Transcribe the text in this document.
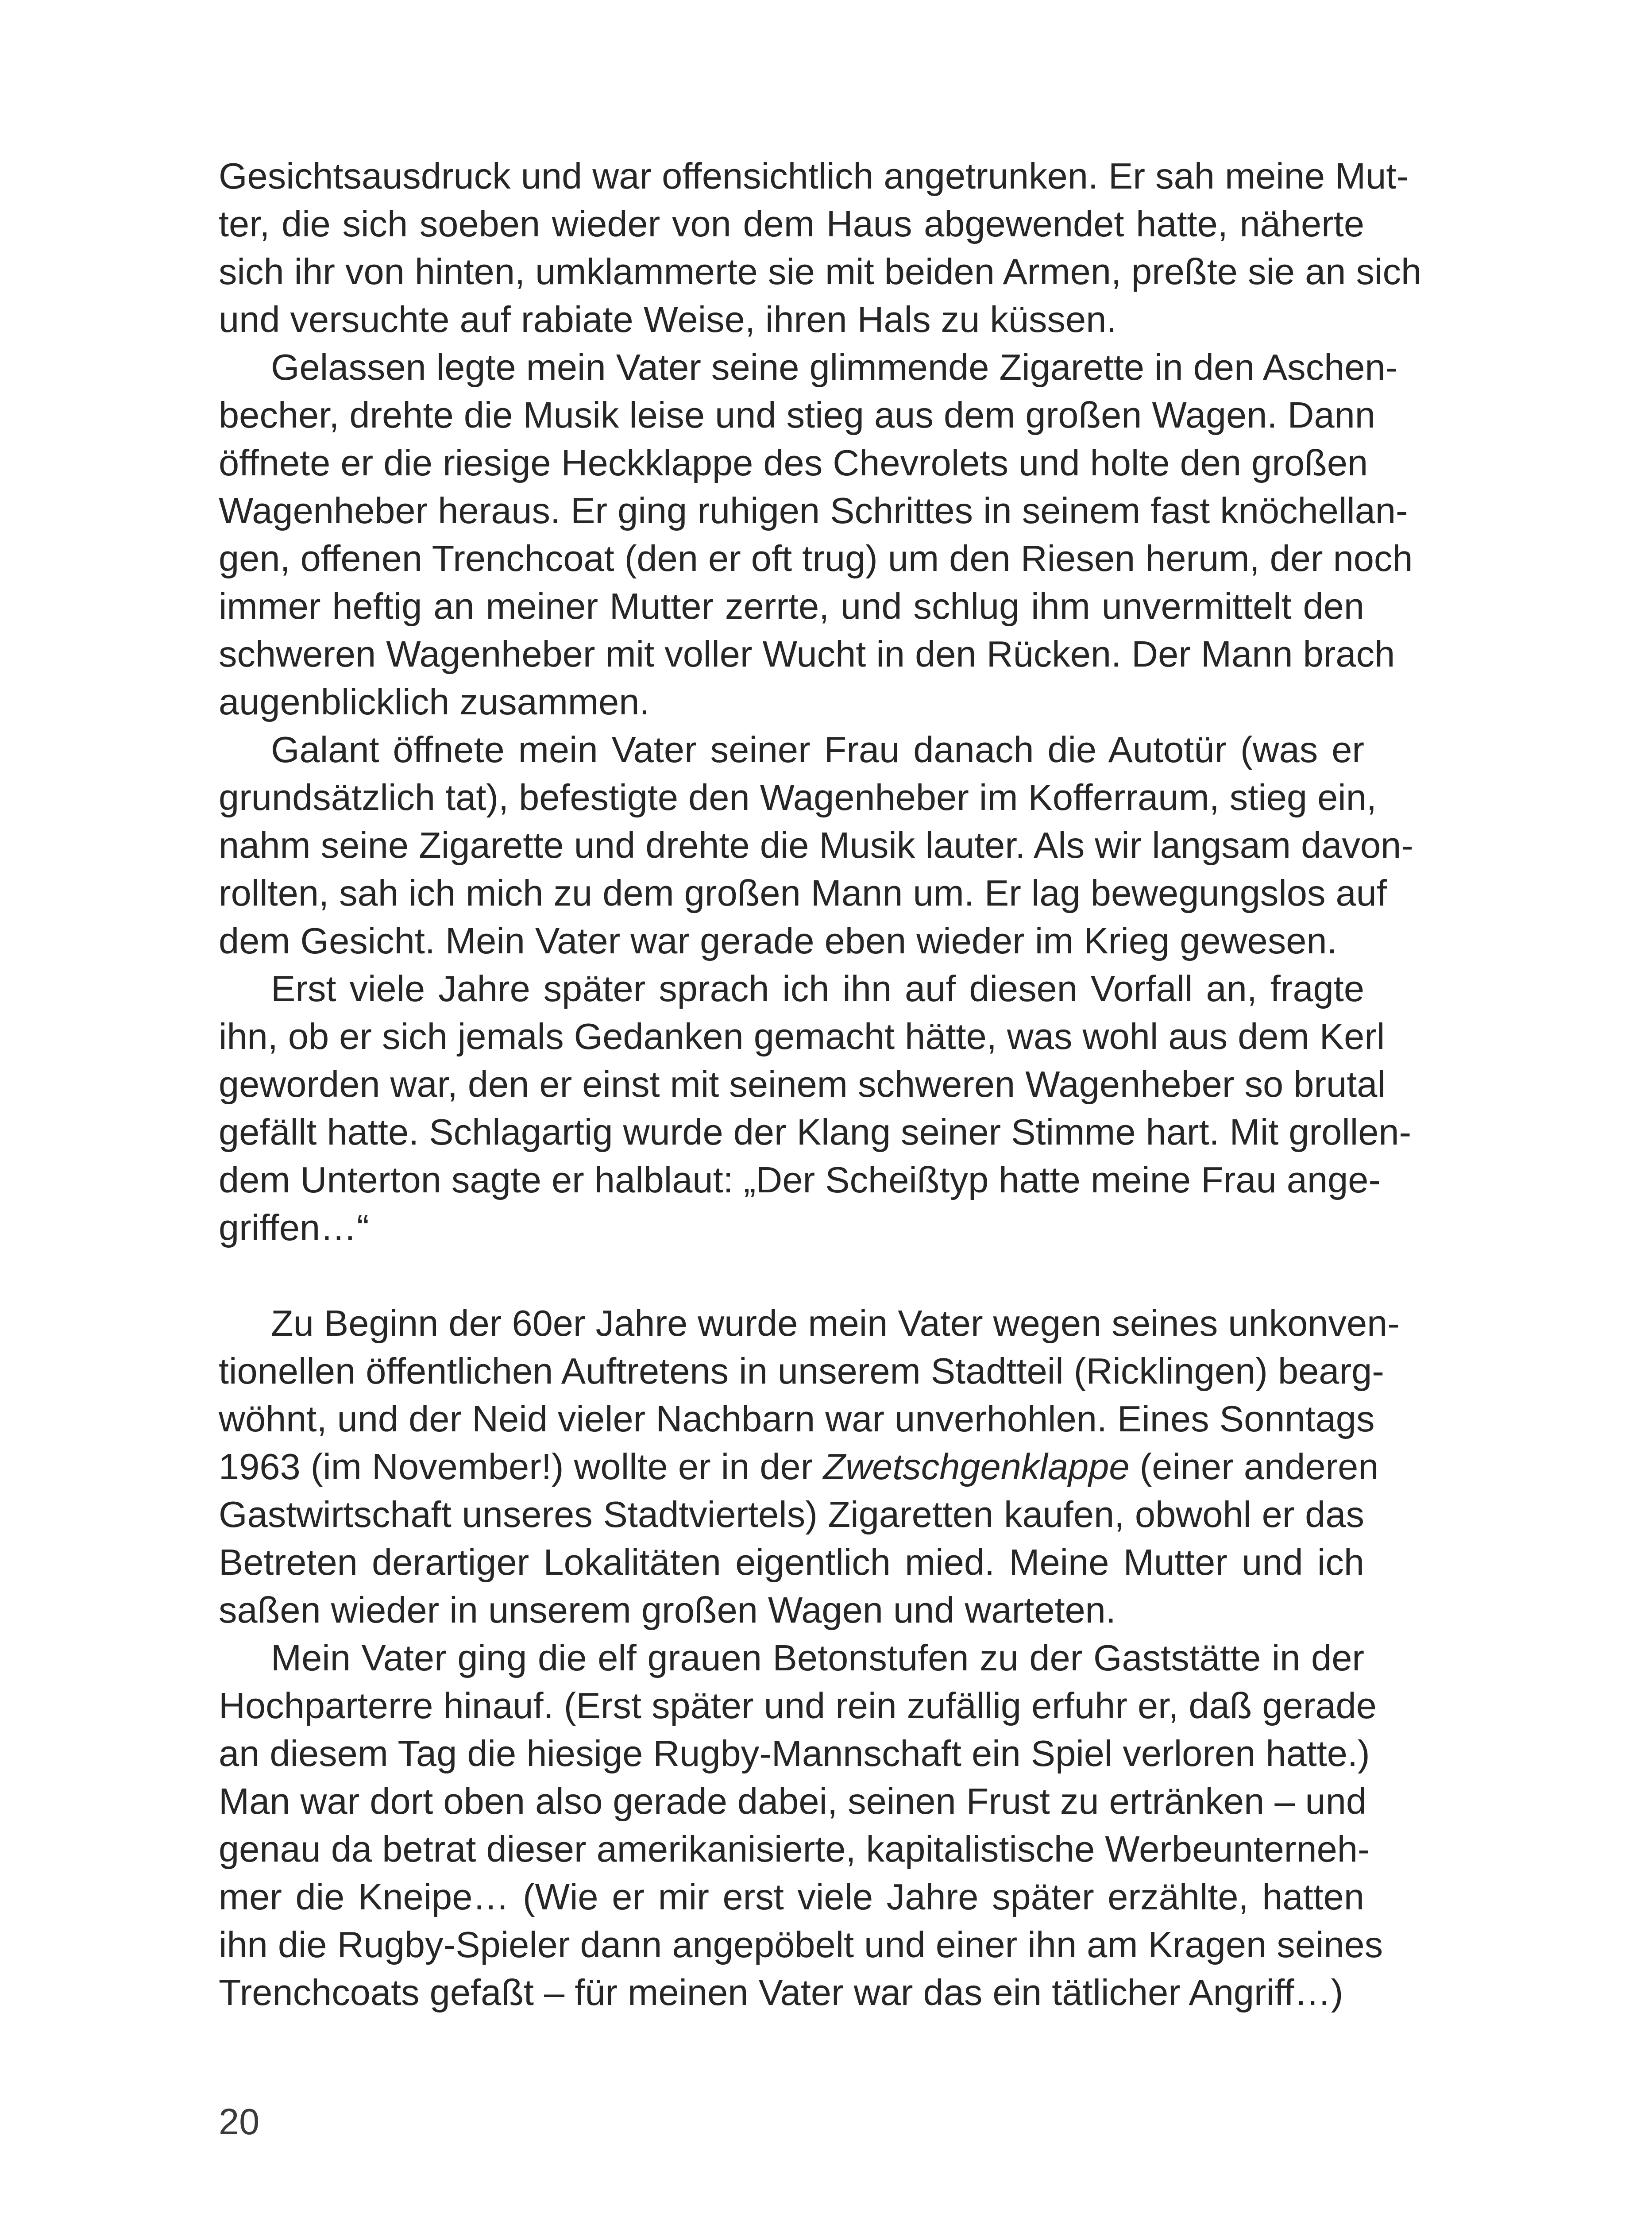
Gesichtsausdruck und war offensichtlich angetrunken. Er sah meine Mut-
ter, die sich soeben wieder von dem Haus abgewendet hatte, näherte
sich ihr von hinten, umklammerte sie mit beiden Armen, preßte sie an sich
und versuchte auf rabiate Weise, ihren Hals zu küssen.
Gelassen legte mein Vater seine glimmende Zigarette in den Aschen-
becher, drehte die Musik leise und stieg aus dem großen Wagen. Dann
öffnete er die riesige Heckklappe des Chevrolets und holte den großen
Wagenheber heraus. Er ging ruhigen Schrittes in seinem fast knöchellan-
gen, offenen Trenchcoat (den er oft trug) um den Riesen herum, der noch
immer heftig an meiner Mutter zerrte, und schlug ihm unvermittelt den
schweren Wagenheber mit voller Wucht in den Rücken. Der Mann brach
augenblicklich zusammen.
Galant öffnete mein Vater seiner Frau danach die Autotür (was er
grundsätzlich tat), befestigte den Wagenheber im Kofferraum, stieg ein,
nahm seine Zigarette und drehte die Musik lauter. Als wir langsam davon-
rollten, sah ich mich zu dem großen Mann um. Er lag bewegungslos auf
dem Gesicht. Mein Vater war gerade eben wieder im Krieg gewesen.
Erst viele Jahre später sprach ich ihn auf diesen Vorfall an, fragte
ihn, ob er sich jemals Gedanken gemacht hätte, was wohl aus dem Kerl
geworden war, den er einst mit seinem schweren Wagenheber so brutal
gefällt hatte. Schlagartig wurde der Klang seiner Stimme hart. Mit grollen-
dem Unterton sagte er halblaut: „Der Scheißtyp hatte meine Frau ange-
griffen…“
Zu Beginn der 60er Jahre wurde mein Vater wegen seines unkonven-
tionellen öffentlichen Auftretens in unserem Stadtteil (Ricklingen) bearg-
wöhnt, und der Neid vieler Nachbarn war unverhohlen. Eines Sonntags
1963 (im November!) wollte er in der Zwetschgenklappe (einer anderen
Gastwirtschaft unseres Stadtviertels) Zigaretten kaufen, obwohl er das
Betreten derartiger Lokalitäten eigentlich mied. Meine Mutter und ich
saßen wieder in unserem großen Wagen und warteten.
Mein Vater ging die elf grauen Betonstufen zu der Gaststätte in der
Hochparterre hinauf. (Erst später und rein zufällig erfuhr er, daß gerade
an diesem Tag die hiesige Rugby-Mannschaft ein Spiel verloren hatte.)
Man war dort oben also gerade dabei, seinen Frust zu ertränken – und
genau da betrat dieser amerikanisierte, kapitalistische Werbeunterneh-
mer die Kneipe… (Wie er mir erst viele Jahre später erzählte, hatten
ihn die Rugby-Spieler dann angepöbelt und einer ihn am Kragen seines
Trenchcoats gefaßt – für meinen Vater war das ein tätlicher Angriff…)
20
